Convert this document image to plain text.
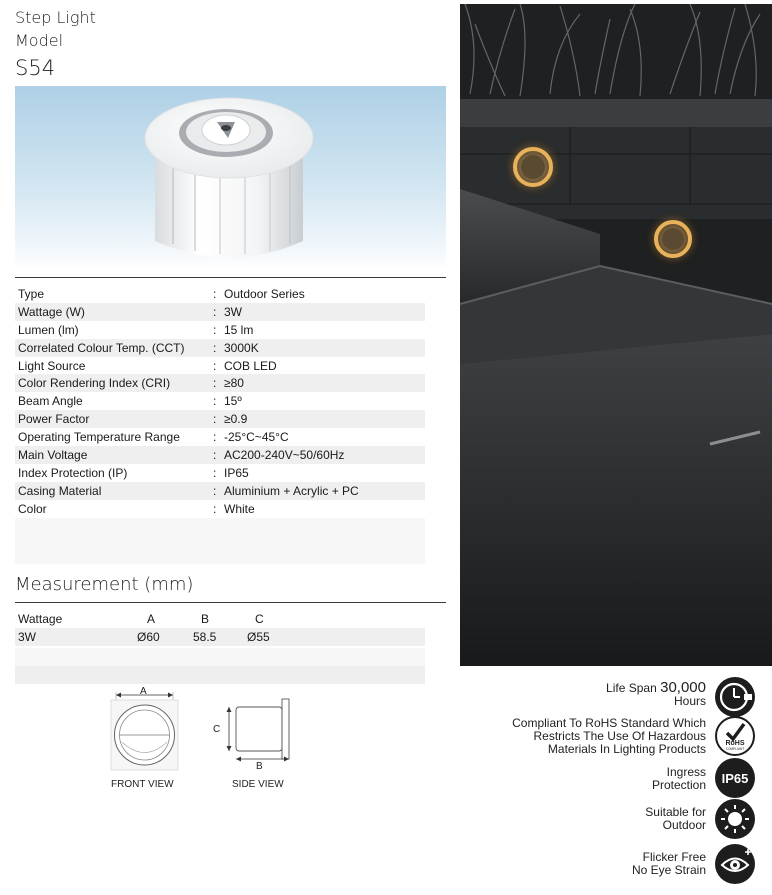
Step Light
Model
S54
Type	: Outdoor Series
Wattage (W)	: 3W
Lumen (lm)	: 15 lm
Correlated Colour Temp. (CCT) : 3000K
Light Source	: COB LED
Color Rendering Index (CRI)	: ≥80
Beam Angle	: 15º
Power Factor	: ≥0.9
Operating Temperature Range	: -25°C~45°C
Main Voltage	: AC200-240V~50/60Hz
Index Protection (IP)	: IP65
Casing Material	: Aluminium + Acrylic + PC
Color	: White
Measurement (mm)
Wattage	A	B	C
3W	Ø60	58.5	Ø55
A
C
B
FRONT VIEW	SIDE VIEW
Life Span 30,000
Hours
Compliant To RoHS Standard Which
Restricts The Use Of Hazardous
Materials In Lighting Products	RoHS
COMPLIANT
Ingress
Protection IP65
Suitable for
Outdoor
Flicker Free
No Eye Strain
